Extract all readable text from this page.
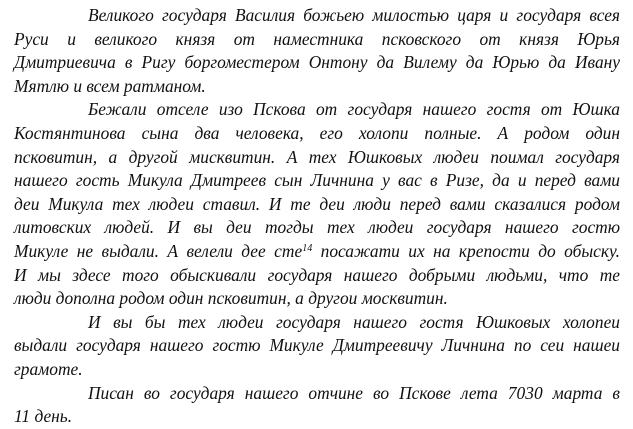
Великого государя Василия божьею милостью царя и государя всея
Руси и великого князя от наместника псковского от князя Юрья
Дмитриевича в Ригу боргоместером Онтону да Вилему да Юрью да Ивану
Мятлю и всем ратманом.

Бежали отселе изо Пскова от государя нашего гостя от Юшка
Костянтинова сына два человека, его холопи полные. А родом один
псковитин, а другой мисквитин. А тех Юшковых людеи поимал государя
нашего гость Микула Дмитреев сын Личнина у вас в Ризе, да и перед вами
деи Микула тех людеи ставил. И те деи люди перед вами сказалися родом
литовских людей. И вы деи тогды тех людеи государя нашего гостю
Микуле не выдали. А велели дее сте$^{14}$ посажати их на крепости до обыску.
И мы здесе того обыскивали государя нашего добрыми людьми, что те
люди дополна родом один псковитин, а другои москвитин.

И вы бы тех людеи государя нашего гостя Юшковых холопеи
выдали государя нашего гостю Микуле Дмитреевичу Личнина по сеи нашеи
грамоте.

Писан во государя нашего отчине во Пскове лета 7030 марта в
11 день.
